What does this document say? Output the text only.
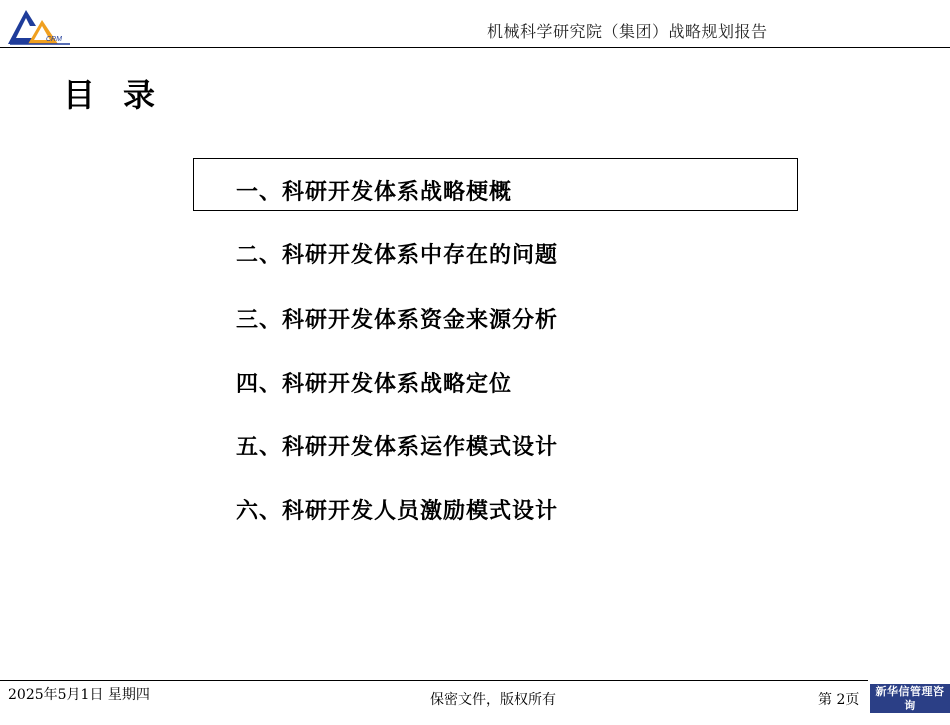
CRM	机械科学研究院（集团）战略规划报告
目录
一、科研开发体系战略梗概
二、科研开发体系中存在的问题
三、科研开发体系资金来源分析
四、科研开发体系战略定位
五、科研开发体系运作模式设计
六、科研开发人员激励模式设计
2025年5月1日 星期四	保密文件，版权所有	第 2页
新华信管理咨询
SINOTRUST
